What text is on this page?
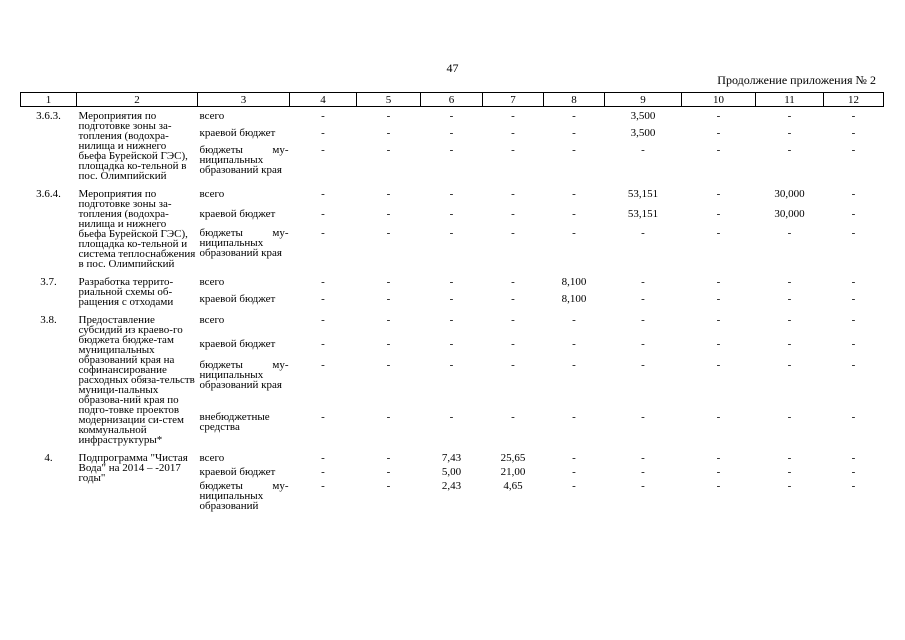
47
Продолжение приложения № 2
1	2	3	4	5	6	7	8	9	10	11	12
3.6.3.	Мероприятия по подготовке зоны за-топления (водохра-нилища и нижнего бьефа Бурейской ГЭС), площадка ко-тельной в пос. Олимпийский	всего	-	-	-	-	-	3,500	-	-	-
		краевой бюджет	-	-	-	-	-	3,500	-	-	-
		бюджеты му-ниципальных образований края	-	-	-	-	-	-	-	-	-
3.6.4.	Мероприятия по подготовке зоны за-топления (водохра-нилища и нижнего бьефа Бурейской ГЭС), площадка ко-тельной и система теплоснабжения в пос. Олимпийский	всего	-	-	-	-	-	53,151	-	30,000	-
		краевой бюджет	-	-	-	-	-	53,151	-	30,000	-
		бюджеты му-ниципальных образований края	-	-	-	-	-	-	-	-	-
3.7.	Разработка террито-риальной схемы об-ращения с отходами	всего	-	-	-	-	8,100	-	-	-	-
		краевой бюджет	-	-	-	-	8,100	-	-	-	-
3.8.	Предоставление субсидий из краево-го бюджета бюдже-там муниципальных образований края на софинансирование расходных обяза-тельств муници-пальных образова-ний края по подго-товке проектов модернизации си-стем коммунальной инфраструктуры*	всего	-	-	-	-	-	-	-	-	-
		краевой бюджет	-	-	-	-	-	-	-	-	-
		бюджеты му-ниципальных образований края	-	-	-	-	-	-	-	-	-
		внебюджетные средства	-	-	-	-	-	-	-	-	-
4.	Подпрограмма "Чистая Вода" на 2014 – -2017 годы"	всего	-	-	7,43	25,65	-	-	-	-	-
		краевой бюджет	-	-	5,00	21,00	-	-	-	-	-
		бюджеты му-ниципальных образований	-	-	2,43	4,65	-	-	-	-	-
